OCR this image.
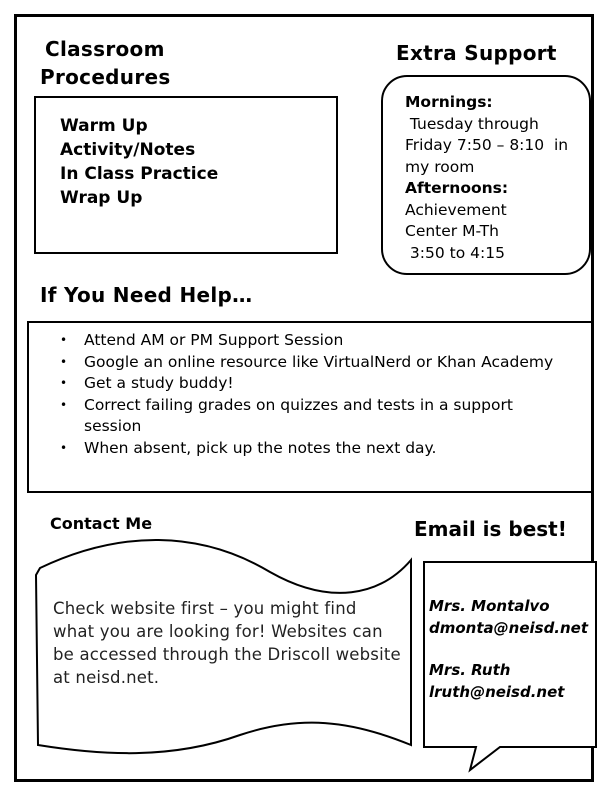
Classroom
Procedures
Warm Up
Activity/Notes
In Class Practice
Wrap Up
Extra Support
Mornings:
Tuesday through
Friday 7:50 – 8:10  in
my room
Afternoons:
Achievement
Center M-Th
3:50 to 4:15
If You Need Help…
• Attend AM or PM Support Session
• Google an online resource like VirtualNerd or Khan Academy
• Get a study buddy!
• Correct failing grades on quizzes and tests in a support session
• When absent, pick up the notes the next day.
Contact Me	Email is best!
Check website first – you might find what you are looking for! Websites can be accessed through the Driscoll website at neisd.net.
Mrs. Montalvo
dmonta@neisd.net
Mrs. Ruth
lruth@neisd.net
